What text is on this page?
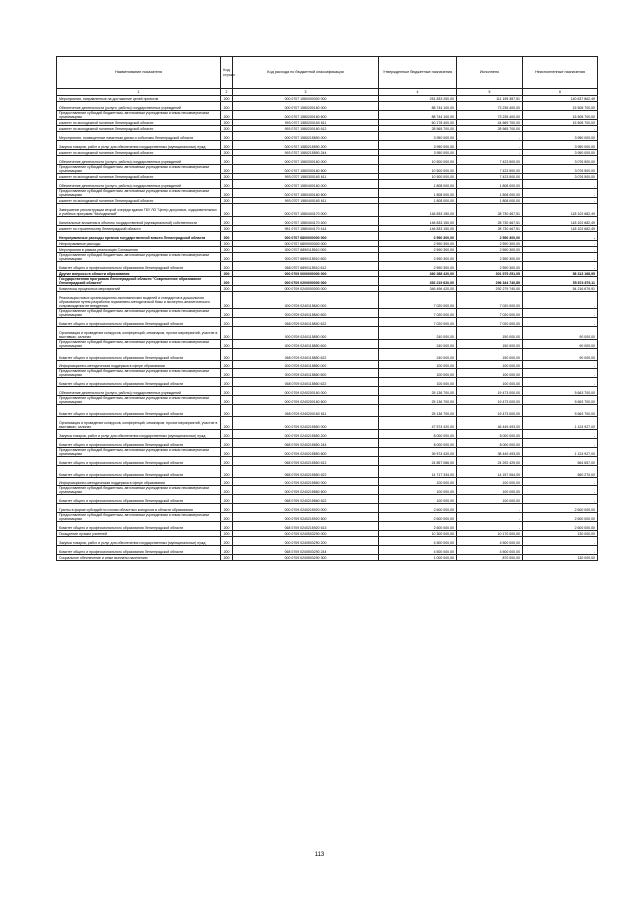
Наименование показателя	Код строки	Код расхода по бюджетной классификации	Утвержденные бюджетные назначения	Исполнено	Неисполненные назначения
1	2	3	4	5	6
Мероприятия, направленные на достижение целей проектов	200	000 0707 1580000000 000	251 833 250,00	111 195 387,51	140 637 862,49
Обеспечение деятельности (услуги, работы) государственных учреждений	200	000 0707 1580200160 000	88 744 100,00	73 235 400,00	15 508 700,00
Предоставление субсидий бюджетным, автономным учреждениям и иным некоммерческим организациям	200	000 0707 1580200160 600	88 744 100,00	73 235 400,00	15 508 700,00
комитет по молодежной политике Ленинградской области	200	993 0707 1580200160 611	60 178 400,00	44 669 700,00	15 508 700,00
комитет по молодежной политике Ленинградской области	200	993 0707 1580200160 612	28 565 700,00	28 565 700,00	-
Мероприятия, посвященные памятным датам и событиям Ленинградской области	200	000 0707 1580215890 000	3 950 000,00	-	3 950 000,00
Закупка товаров, работ и услуг для обеспечения государственных (муниципальных) нужд	200	000 0707 1580215890 200	3 950 000,00	-	3 950 000,00
комитет по молодежной политике Ленинградской области	200	993 0707 1580215890 244	3 950 000,00	-	3 950 000,00
Обеспечение деятельности (услуги, работы) государственных учреждений	200	000 0707 1580300160 000	10 500 000,00	7 423 500,00	3 076 500,00
Предоставление субсидий бюджетным, автономным учреждениям и иным некоммерческим организациям	200	000 0707 1580300160 600	10 500 000,00	7 423 500,00	3 076 500,00
комитет по молодежной политике Ленинградской области	200	993 0707 1580300160 611	10 500 000,00	7 423 500,00	3 076 500,00
Обеспечение деятельности (услуги, работы) государственных учреждений	200	000 0707 1580400160 000	1 808 000,00	1 808 000,00	-
Предоставление субсидий бюджетным, автономным учреждениям и иным некоммерческим организациям	200	000 0707 1580400160 600	1 808 000,00	1 808 000,00	-
комитет по молодежной политике Ленинградской области	200	993 0707 1580400160 611	1 808 000,00	1 808 000,00	-
Завершение реконструкции второй очереди здания ГБУ ЛО "Центр досуговых, оздоровительных и учебных программ "Молодежный"	200	000 0707 1580404170 000	146 833 150,00	28 730 467,51	118 102 682,49
Капитальные вложения в объекты государственной (муниципальной) собственности	200	000 0707 1580404170 400	146 833 150,00	28 730 467,51	118 102 682,49
комитет по строительству Ленинградской области	200	951 0707 1580404170 414	146 833 150,00	28 730 467,51	118 102 682,49
Непрограммные расходы органов государственной власти Ленинградской области	200	000 0707 6800000000 000	2 590 300,00	2 590 300,00	-
Непрограммные расходы	200	000 0707 6890000000 000	2 590 300,00	2 590 300,00	-
Мероприятия в рамках реализации Соглашения	200	000 0707 6890115510 000	2 590 300,00	2 590 300,00	-
Предоставление субсидий бюджетным, автономным учреждениям и иным некоммерческим организациям	200	000 0707 6890115510 600	2 590 300,00	2 590 300,00	-
Комитет общего и профессионального образования Ленинградской области	200	068 0707 6890115510 612	2 590 300,00	2 590 300,00	-
Другие вопросы в области образования	200	000 0709 0000000000 000	360 288 420,00	301 975 251,05	58 313 168,95
Государственная программа Ленинградской области "Современное образование Ленинградской области"	200	000 0709 0200000000 000	352 219 620,00	296 344 740,89	55 874 879,11
Комплексы процессных мероприятий	200	000 0709 0240000000 000	346 496 420,00	292 279 740,00	54 216 679,91
Реализация новых организационно-экономических моделей и стандартов в дошкольном образовании путем разработки нормативно-методической базы и экспертно-аналитического сопровождения ее внедрения	200	000 0709 0240115840 000	7 020 000,00	7 020 000,00	-
Предоставление субсидий бюджетным, автономным учреждениям и иным некоммерческим организациям	200	000 0709 0240115840 600	7 020 000,00	7 020 000,00	-
Комитет общего и профессионального образования Ленинградской области	200	068 0709 0240115840 622	7 020 000,00	7 020 000,00	-
Организация и проведение конкурсов, конференций, семинаров, прочих мероприятий, участие в выставках, салонах	200	000 0709 0240115850 000	240 000,00	150 000,00	90 000,00
Предоставление субсидий бюджетным, автономным учреждениям и иным некоммерческим организациям	200	000 0709 0240115850 600	240 000,00	150 000,00	90 000,00
Комитет общего и профессионального образования Ленинградской области	200	068 0709 0240115850 622	240 000,00	150 000,00	90 000,00
Информационно-методическая поддержка в сфере образования	200	000 0709 0240115860 000	100 000,00	100 000,00	-
Предоставление субсидий бюджетным, автономным учреждениям и иным некоммерческим организациям	200	000 0709 0240115860 600	100 000,00	100 000,00	-
Комитет общего и профессионального образования Ленинградской области	200	068 0709 0240115860 622	100 000,00	100 000,00	-
Обеспечение деятельности (услуги, работы) государственных учреждений	200	000 0709 0240200160 000	25 136 700,00	19 473 000,00	5 663 700,00
Предоставление субсидий бюджетным, автономным учреждениям и иным некоммерческим организациям	200	000 0709 0240200160 600	25 136 700,00	19 473 000,00	5 663 700,00
Комитет общего и профессионального образования Ленинградской области	200	068 0709 0240200160 611	25 136 700,00	19 473 000,00	5 663 700,00
Организация и проведение конкурсов, конференций, семинаров, прочих мероприятий, участие в выставках, салонах	200	000 0709 0240215850 000	47 574 420,00	46 449 493,00	1 124 927,00
Закупка товаров, работ и услуг для обеспечения государственных (муниципальных) нужд	200	000 0709 0240215850 200	8 000 000,00	8 000 000,00	-
Комитет общего и профессионального образования Ленинградской области	200	068 0709 0240215850 244	8 000 000,00	8 000 000,00	-
Предоставление субсидий бюджетным, автономным учреждениям и иным некоммерческим организациям	200	000 0709 0240215850 600	39 574 420,00	38 449 493,00	1 124 927,00
Комитет общего и профессионального образования Ленинградской области	200	068 0709 0240215850 612	24 857 086,00	24 292 429,00	564 657,00
Комитет общего и профессионального образования Ленинградской области	200	068 0709 0240215850 622	14 717 334,00	14 157 064,00	560 270,00
Информационно-методическая поддержка в сфере образования	200	000 0709 0240215860 000	100 000,00	100 000,00	-
Предоставление субсидий бюджетным, автономным учреждениям и иным некоммерческим организациям	200	000 0709 0240215860 600	100 000,00	100 000,00	-
Комитет общего и профессионального образования Ленинградской области	200	068 0709 0240215860 622	100 000,00	100 000,00	-
Гранты в форме субсидий по итогам областных конкурсов в области образования	200	000 0709 0240215920 000	2 600 000,00	-	2 600 000,00
Предоставление субсидий бюджетным, автономным учреждениям и иным некоммерческим организациям	200	000 0709 0240215920 600	2 600 000,00	-	2 600 000,00
Комитет общего и профессионального образования Ленинградской области	200	068 0709 0240215920 613	2 600 000,00	-	2 600 000,00
Поощрение лучших учителей	200	000 0709 0240503290 000	10 300 000,00	10 170 000,00	130 000,00
Закупка товаров, работ и услуг для обеспечения государственных (муниципальных) нужд	200	000 0709 0240503290 200	4 500 000,00	4 500 000,00	-
Комитет общего и профессионального образования Ленинградской области	200	068 0709 0240503290 244	4 500 000,00	4 500 000,00	-
Социальное обеспечение и иные выплаты населению	200	000 0709 0240503290 300	1 000 000,00	870 000,00	130 000,00
113
